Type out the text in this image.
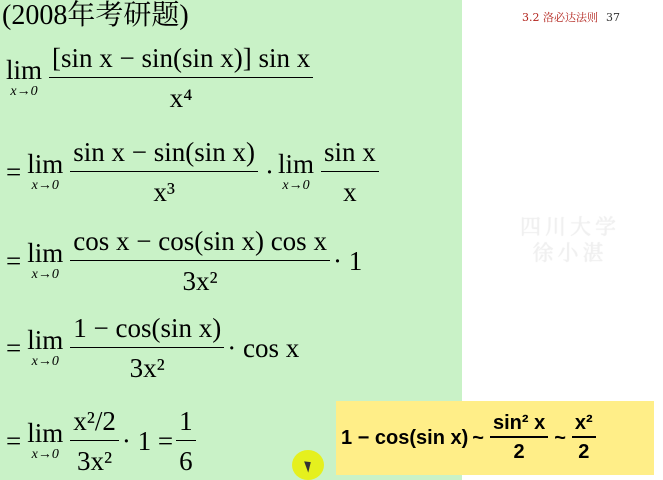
3.2 洛必达法则 37
四川大学
徐小湛
(2008年考研题)
lim
$x\to 0 \frac{\text{[sin x − sin(sin x)] sin x}}{\text{x⁴}}$
= lim
$x\to 0 \frac{\text{sin x − sin(sin x)}}{\text{x³}} \cdot \lim$
$x\to 0 \frac{\text{sin x}}{x}$
= lim
$x\to 0 \frac{\text{cos x − cos(sin x) cos x}}{\text{3x²}} \cdot 1$
= lim
$x\to 0 \frac{\text{1 − cos(sin x)}}{\text{3x²}} \cdot \cos x$
= lim
$x\to 0 \frac{\text{x²/2}}{\text{3x²}} \cdot 1 = \frac{1}{6}$	1 − cos(sin x) ~ $\frac{\text{sin² x}}{2}$ ~ $\frac{\text{x²}}{2}$
